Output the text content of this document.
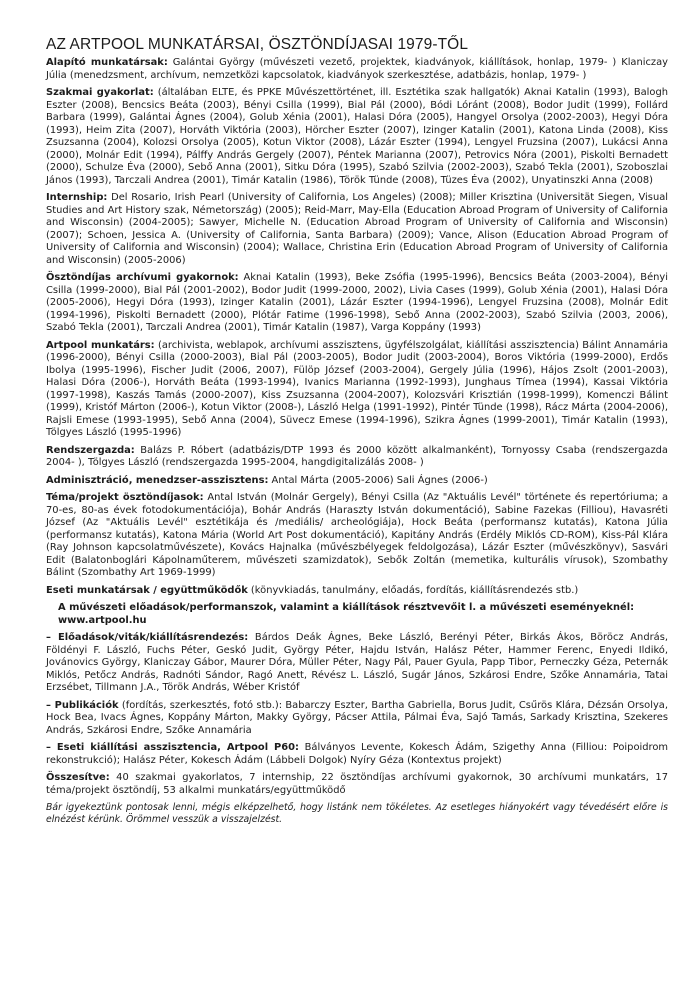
AZ ARTPOOL MUNKATÁRSAI, ÖSZTÖNDÍJASAI 1979-TŐL

Alapító munkatársak: Galántai György (művészeti vezető, projektek, kiadványok, kiállítások, honlap, 1979- ) Klaniczay Júlia (menedzsment, archívum, nemzetközi kapcsolatok, kiadványok szerkesztése, adatbázis, honlap, 1979- )

Szakmai gyakorlat: (általában ELTE, és PPKE Művészettörténet, ill. Esztétika szak hallgatók) Aknai Katalin (1993), Balogh Eszter (2008), Bencsics Beáta (2003), Bényi Csilla (1999), Bial Pál (2000), Bódi Lóránt (2008), Bodor Judit (1999), Follárd Barbara (1999), Galántai Ágnes (2004), Golub Xénia (2001), Halasi Dóra (2005), Hangyel Orsolya (2002-2003), Hegyi Dóra (1993), Heim Zita (2007), Horváth Viktória (2003), Hörcher Eszter (2007), Izinger Katalin (2001), Katona Linda (2008), Kiss Zsuzsanna (2004), Kolozsi Orsolya (2005), Kotun Viktor (2008), Lázár Eszter (1994), Lengyel Fruzsina (2007), Lukácsi Anna (2000), Molnár Edit (1994), Pálffy András Gergely (2007), Péntek Marianna (2007), Petrovics Nóra (2001), Piskolti Bernadett (2000), Schulze Éva (2000), Sebő Anna (2001), Sitku Dóra (1995), Szabó Szilvia (2002-2003), Szabó Tekla (2001), Szoboszlai János (1993), Tarczali Andrea (2001), Timár Katalin (1986), Török Tünde (2008), Tüzes Éva (2002), Unyatinszki Anna (2008)

Internship: Del Rosario, Irish Pearl (University of California, Los Angeles) (2008); Miller Krisztina (Universität Siegen, Visual Studies and Art History szak, Németország) (2005); Reid-Marr, May-Ella (Education Abroad Program of University of California and Wisconsin) (2004-2005); Sawyer, Michelle N. (Education Abroad Program of University of California and Wisconsin) (2007); Schoen, Jessica A. (University of California, Santa Barbara) (2009); Vance, Alison (Education Abroad Program of University of California and Wisconsin) (2004); Wallace, Christina Erin (Education Abroad Program of University of California and Wisconsin) (2005-2006)

Ösztöndíjas archívumi gyakornok: Aknai Katalin (1993), Beke Zsófia (1995-1996), Bencsics Beáta (2003-2004), Bényi Csilla (1999-2000), Bial Pál (2001-2002), Bodor Judit (1999-2000, 2002), Livia Cases (1999), Golub Xénia (2001), Halasi Dóra (2005-2006), Hegyi Dóra (1993), Izinger Katalin (2001), Lázár Eszter (1994-1996), Lengyel Fruzsina (2008), Molnár Edit (1994-1996), Piskolti Bernadett (2000), Plótár Fatime (1996-1998), Sebő Anna (2002-2003), Szabó Szilvia (2003, 2006), Szabó Tekla (2001), Tarczali Andrea (2001), Timár Katalin (1987), Varga Koppány (1993)

Artpool munkatárs: (archivista, weblapok, archívumi asszisztens, ügyfélszolgálat, kiállítási asszisztencia) Bálint Annamária (1996-2000), Bényi Csilla (2000-2003), Bial Pál (2003-2005), Bodor Judit (2003-2004), Boros Viktória (1999-2000), Erdős Ibolya (1995-1996), Fischer Judit (2006, 2007), Fülöp József (2003-2004), Gergely Júlia (1996), Hájos Zsolt (2001-2003), Halasi Dóra (2006-), Horváth Beáta (1993-1994), Ivanics Marianna (1992-1993), Junghaus Tímea (1994), Kassai Viktória (1997-1998), Kaszás Tamás (2000-2007), Kiss Zsuzsanna (2004-2007), Kolozsvári Krisztián (1998-1999), Komenczi Bálint (1999), Kristóf Márton (2006-), Kotun Viktor (2008-), László Helga (1991-1992), Pintér Tünde (1998), Rácz Márta (2004-2006), Rajsli Emese (1993-1995), Sebő Anna (2004), Süvecz Emese (1994-1996), Szikra Ágnes (1999-2001), Timár Katalin (1993), Tölgyes László (1995-1996)

Rendszergazda: Balázs P. Róbert (adatbázis/DTP 1993 és 2000 között alkalmanként), Tornyossy Csaba (rendszergazda 2004- ), Tölgyes László (rendszergazda 1995-2004, hangdigitalizálás 2008- )

Adminisztráció, menedzser-asszisztens: Antal Márta (2005-2006) Sali Ágnes (2006-)

Téma/projekt ösztöndíjasok: Antal István (Molnár Gergely), Bényi Csilla (Az "Aktuális Levél" története és repertóriuma; a 70-es, 80-as évek fotodokumentációja), Bohár András (Haraszty István dokumentáció), Sabine Fazekas (Filliou), Havasréti József (Az "Aktuális Levél" esztétikája és /mediális/ archeológiája), Hock Beáta (performansz kutatás), Katona Júlia (performansz kutatás), Katona Mária (World Art Post dokumentáció), Kapitány András (Erdély Miklós CD-ROM), Kiss-Pál Klára (Ray Johnson kapcsolatművészete), Kovács Hajnalka (művészbélyegek feldolgozása), Lázár Eszter (művészkönyv), Sasvári Edit (Balatonboglári Kápolnaműterem, művészeti szamizdatok), Sebők Zoltán (memetika, kulturális vírusok), Szombathy Bálint (Szombathy Art 1969-1999)

Eseti munkatársak / együttműködők (könyvkiadás, tanulmány, előadás, fordítás, kiállításrendezés stb.)

A művészeti előadások/performanszok, valamint a kiállítások résztvevőit l. a művészeti eseményeknél: www.artpool.hu

– Előadások/viták/kiállításrendezés: Bárdos Deák Ágnes, Beke László, Berényi Péter, Birkás Ákos, Böröcz András, Földényi F. László, Fuchs Péter, Geskó Judit, György Péter, Hajdu István, Halász Péter, Hammer Ferenc, Enyedi Ildikó, Jovánovics György, Klaniczay Gábor, Maurer Dóra, Müller Péter, Nagy Pál, Pauer Gyula, Papp Tibor, Perneczky Géza, Peternák Miklós, Petőcz András, Radnóti Sándor, Ragó Anett, Révész L. László, Sugár János, Szkárosi Endre, Szőke Annamária, Tatai Erzsébet, Tillmann J.A., Török András, Wéber Kristóf

– Publikációk (fordítás, szerkesztés, fotó stb.): Babarczy Eszter, Bartha Gabriella, Borus Judit, Csűrös Klára, Dézsán Orsolya, Hock Bea, Ivacs Ágnes, Koppány Márton, Makky György, Pácser Attila, Pálmai Éva, Sajó Tamás, Sarkady Krisztina, Szekeres András, Szkárosi Endre, Szőke Annamária

– Eseti kiállítási asszisztencia, Artpool P60: Bálványos Levente, Kokesch Ádám, Szigethy Anna (Filliou: Poipoidrom rekonstrukció); Halász Péter, Kokesch Ádám (Lábbeli Dolgok) Nyíry Géza (Kontextus projekt)

Összesítve: 40 szakmai gyakorlatos, 7 internship, 22 ösztöndíjas archívumi gyakornok, 30 archívumi munkatárs, 17 téma/projekt ösztöndíj, 53 alkalmi munkatárs/együttműködő

Bár igyekeztünk pontosak lenni, mégis elképzelhető, hogy listánk nem tökéletes. Az esetleges hiányokért vagy tévedésért előre is elnézést kérünk. Örömmel vesszük a visszajelzést.
